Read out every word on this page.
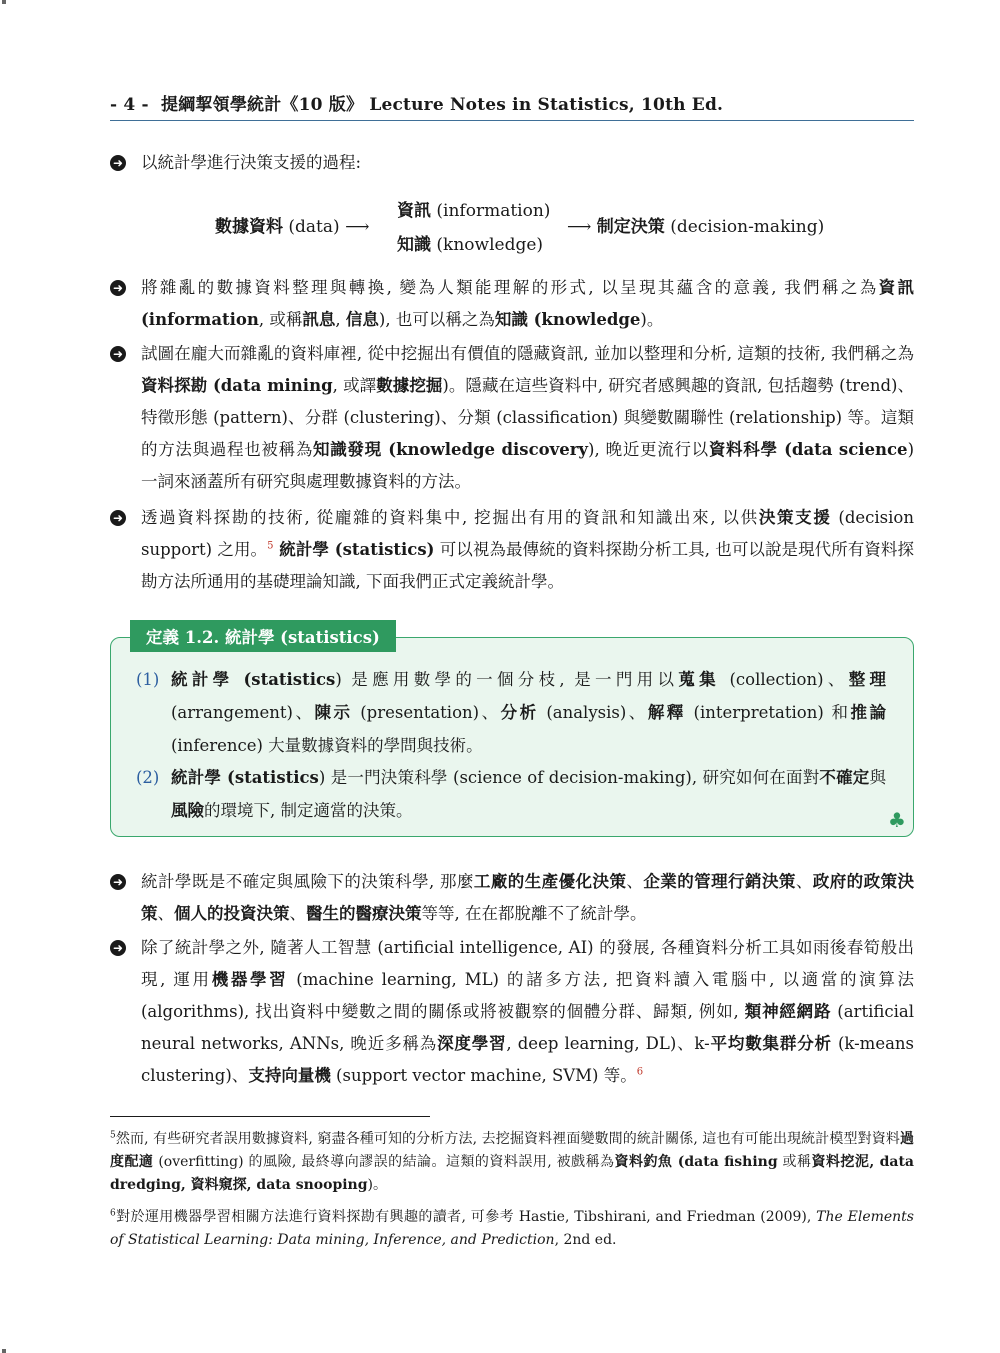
- 4 - 提綱挈領學統計《10 版》 Lecture Notes in Statistics, 10th Ed.
➜ 以統計學進行決策支援的過程:
數據資料 (data) ⟶
資訊 (information)
知識 (knowledge)
⟶ 制定決策 (decision-making)
➜ 將雜亂的數據資料整理與轉換, 變為人類能理解的形式, 以呈現其蘊含的意義, 我們稱之為資訊 (information, 或稱訊息, 信息), 也可以稱之為知識 (knowledge)。
➜ 試圖在龐大而雜亂的資料庫裡, 從中挖掘出有價值的隱藏資訊, 並加以整理和分析, 這類的技術, 我們稱之為資料探勘 (data mining, 或譯數據挖掘)。隱藏在這些資料中, 研究者感興趣的資訊, 包括趨勢 (trend)、特徵形態 (pattern)、分群 (clustering)、分類 (classification) 與變數關聯性 (relationship) 等。這類的方法與過程也被稱為知識發現 (knowledge discovery), 晚近更流行以資料科學 (data science) 一詞來涵蓋所有研究與處理數據資料的方法。
➜ 透過資料探勘的技術, 從龐雜的資料集中, 挖掘出有用的資訊和知識出來, 以供決策支援 (decision support) 之用。$^5$ 統計學 (statistics) 可以視為最傳統的資料探勘分析工具, 也可以說是現代所有資料探勘方法所通用的基礎理論知識, 下面我們正式定義統計學。
定義 1.2. 統計學 (statistics)
(1) 統計學 (statistics) 是應用數學的一個分枝, 是一門用以蒐集 (collection)、整理 (arrangement)、陳示 (presentation)、分析 (analysis)、解釋 (interpretation) 和推論 (inference) 大量數據資料的學問與技術。
(2) 統計學 (statistics) 是一門決策科學 (science of decision-making), 研究如何在面對不確定與風險的環境下, 制定適當的決策。	♣
➜ 統計學既是不確定與風險下的決策科學, 那麼工廠的生產優化決策、企業的管理行銷決策、政府的政策決策、個人的投資決策、醫生的醫療決策等等, 在在都脫離不了統計學。
➜ 除了統計學之外, 隨著人工智慧 (artificial intelligence, AI) 的發展, 各種資料分析工具如雨後春筍般出現, 運用機器學習 (machine learning, ML) 的諸多方法, 把資料讀入電腦中, 以適當的演算法 (algorithms), 找出資料中變數之間的關係或將被觀察的個體分群、歸類, 例如, 類神經網路 (artificial neural networks, ANNs, 晚近多稱為深度學習, deep learning, DL)、k-平均數集群分析 (k-means clustering)、支持向量機 (support vector machine, SVM) 等。$^6$
$^5$然而, 有些研究者誤用數據資料, 窮盡各種可知的分析方法, 去挖掘資料裡面變數間的統計關係, 這也有可能出現統計模型對資料過度配適 (overfitting) 的風險, 最終導向謬誤的結論。這類的資料誤用, 被戲稱為資料釣魚 (data fishing 或稱資料挖泥, data dredging, 資料窺探, data snooping)。
$^6$對於運用機器學習相關方法進行資料探勘有興趣的讀者, 可參考 Hastie, Tibshirani, and Friedman (2009), The Elements of Statistical Learning: Data mining, Inference, and Prediction, 2nd ed.
